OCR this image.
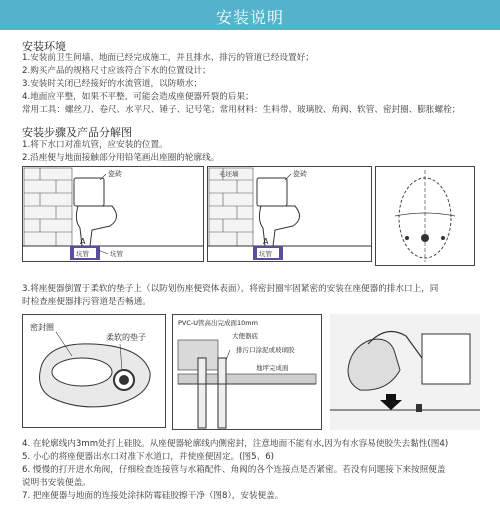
安装说明
安装环境
1.安装前卫生间墙、地面已经完成施工，并且排水、排污的管道已经设置好；
2.购买产品的规格尺寸应该符合下水的位置设计；
3.安装时关闭已经接好的水流管道，以防喷水；
4.地面应平整，如果不平整，可能会造成座便器歼裂的后果；
常用工具：螺丝刀、卷尺、水平尺、锤子、记号笔；常用材料：生料带、玻璃胶、角阀、软管、密封圈、膨胀螺栓；
安装步骤及产品分解图
1.将下水口对准坑管，应安装的位置。
2.沿座便与地面接触部分用铅笔画出座圈的轮廓线。
瓷砖
A
坑管	坑管
毛坯墙	瓷砖
A
坑管
3.将座便器倒置于柔软的垫子上（以防划伤座便瓷体表面），将密封圈牢固紧密的安装在座便器的排水口上，同
时检查座便器排污管道是否畅通。
密封圈
柔软的垫子
PVC-U管高出完成面10mm
大便器底
排污口涂泥或玻璃胶
地坪完成面
4. 在轮廓线内3mm处打上硅胶。从座便器轮廓线内侧密封，注意地面不能有水,因为有水容易使胶失去黏性(图4)
5. 小心的将座便器出水口对准下水道口，并使座便固定。(图5、6)
6. 慢慢的打开进水角阀，仔细检查连接管与水箱配件、角阀的各个连接点是否紧密。若没有问题接下来按照便盖
说明书安装便盖。
7. 把座便器与地面的连接处涂抹防霉硅胶擦干净（图8），安装便盖。
